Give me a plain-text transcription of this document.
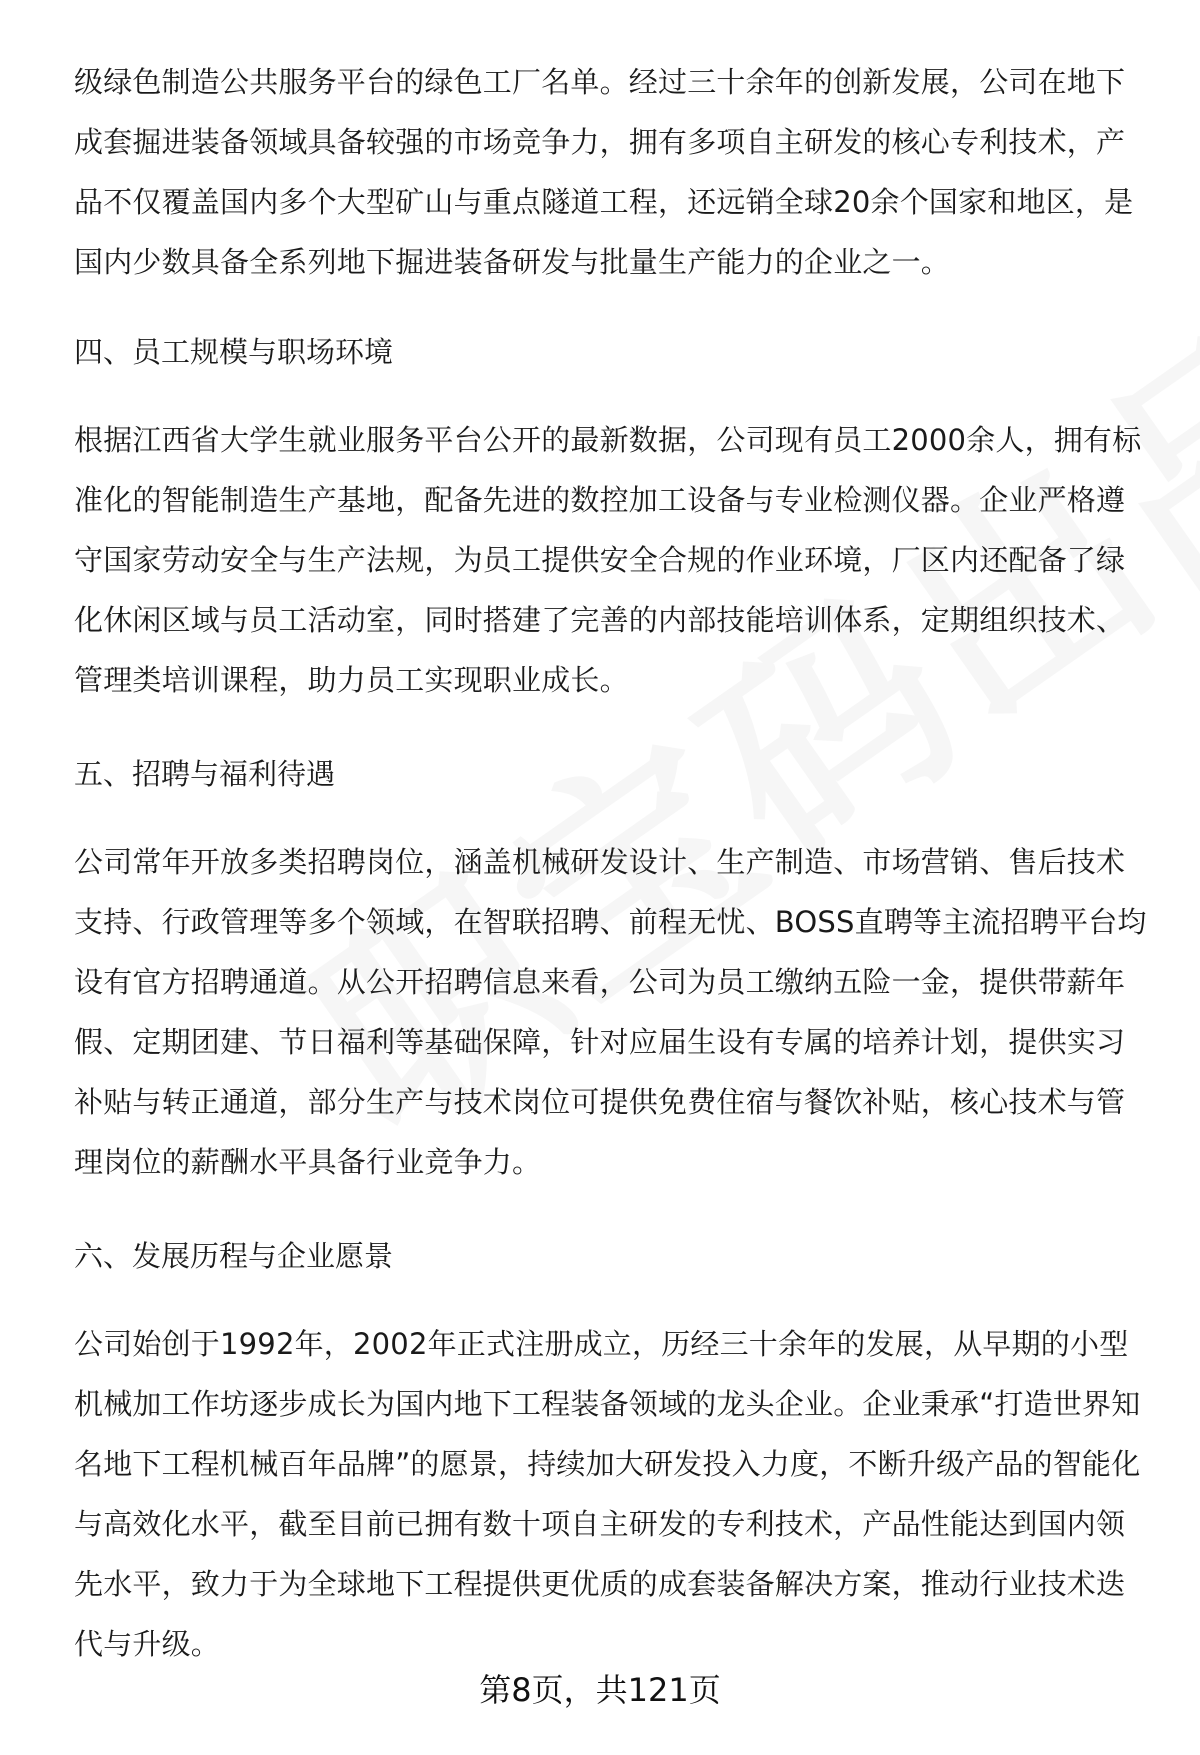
级绿色制造公共服务平台的绿色工厂名单。经过三十余年的创新发展，公司在地下成套掘进装备领域具备较强的市场竞争力，拥有多项自主研发的核心专利技术，产品不仅覆盖国内多个大型矿山与重点隧道工程，还远销全球20余个国家和地区，是国内少数具备全系列地下掘进装备研发与批量生产能力的企业之一。

四、员工规模与职场环境

根据江西省大学生就业服务平台公开的最新数据，公司现有员工2000余人，拥有标准化的智能制造生产基地，配备先进的数控加工设备与专业检测仪器。企业严格遵守国家劳动安全与生产法规，为员工提供安全合规的作业环境，厂区内还配备了绿化休闲区域与员工活动室，同时搭建了完善的内部技能培训体系，定期组织技术、管理类培训课程，助力员工实现职业成长。

五、招聘与福利待遇

公司常年开放多类招聘岗位，涵盖机械研发设计、生产制造、市场营销、售后技术支持、行政管理等多个领域，在智联招聘、前程无忧、BOSS直聘等主流招聘平台均设有官方招聘通道。从公开招聘信息来看，公司为员工缴纳五险一金，提供带薪年假、定期团建、节日福利等基础保障，针对应届生设有专属的培养计划，提供实习补贴与转正通道，部分生产与技术岗位可提供免费住宿与餐饮补贴，核心技术与管理岗位的薪酬水平具备行业竞争力。

六、发展历程与企业愿景

公司始创于1992年，2002年正式注册成立，历经三十余年的发展，从早期的小型机械加工作坊逐步成长为国内地下工程装备领域的龙头企业。企业秉承“打造世界知名地下工程机械百年品牌”的愿景，持续加大研发投入力度，不断升级产品的智能化与高效化水平，截至目前已拥有数十项自主研发的专利技术，产品性能达到国内领先水平，致力于为全球地下工程提供更优质的成套装备解决方案，推动行业技术迭代与升级。

第8页，共121页
